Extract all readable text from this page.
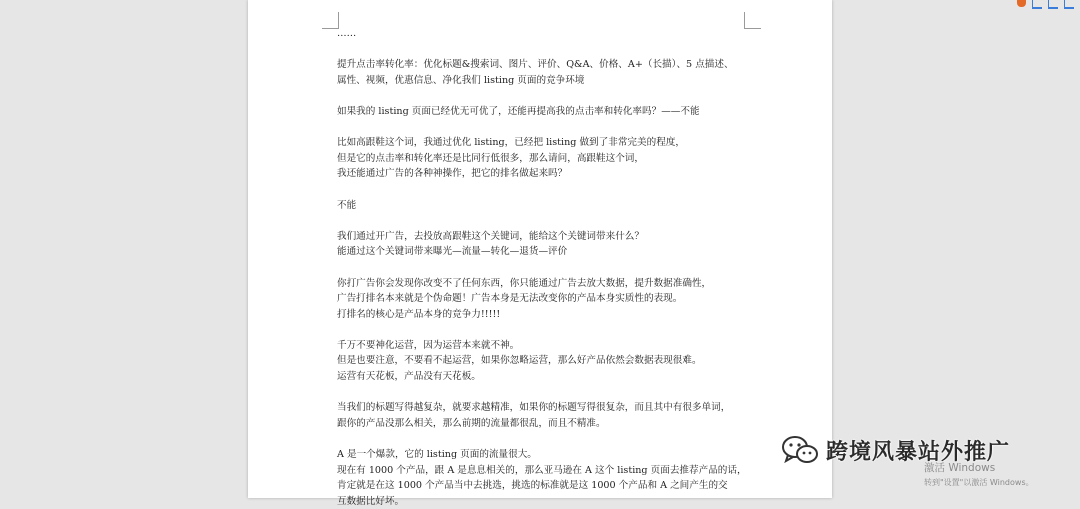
……
提升点击率转化率：优化标题&搜索词、图片、评价、Q&A、价格、A+（长描）、5 点描述、
属性、视频，优惠信息、净化我们 listing 页面的竞争环境
如果我的 listing 页面已经优无可优了，还能再提高我的点击率和转化率吗？——不能
比如高跟鞋这个词，我通过优化 listing，已经把 listing 做到了非常完美的程度，
但是它的点击率和转化率还是比同行低很多，那么请问，高跟鞋这个词，
我还能通过广告的各种神操作，把它的排名做起来吗？
不能
我们通过开广告，去投放高跟鞋这个关键词，能给这个关键词带来什么？
能通过这个关键词带来曝光—流量—转化—退货—评价
你打广告你会发现你改变不了任何东西，你只能通过广告去放大数据，提升数据准确性，
广告打排名本来就是个伪命题！广告本身是无法改变你的产品本身实质性的表现。
打排名的核心是产品本身的竞争力!!!!!
千万不要神化运营，因为运营本来就不神。
但是也要注意，不要看不起运营，如果你忽略运营，那么好产品依然会数据表现很难。
运营有天花板，产品没有天花板。
当我们的标题写得越复杂，就要求越精准，如果你的标题写得很复杂，而且其中有很多单词，
跟你的产品没那么相关，那么前期的流量都很乱，而且不精准。
A 是一个爆款，它的 listing 页面的流量很大。
现在有 1000 个产品，跟 A 是息息相关的，那么亚马逊在 A 这个 listing 页面去推荐产品的话，
肯定就是在这 1000 个产品当中去挑选，挑选的标准就是这 1000 个产品和 A 之间产生的交
互数据比好坏。
跨境风暴站外推广
激活 Windows
转到"设置"以激活 Windows。
